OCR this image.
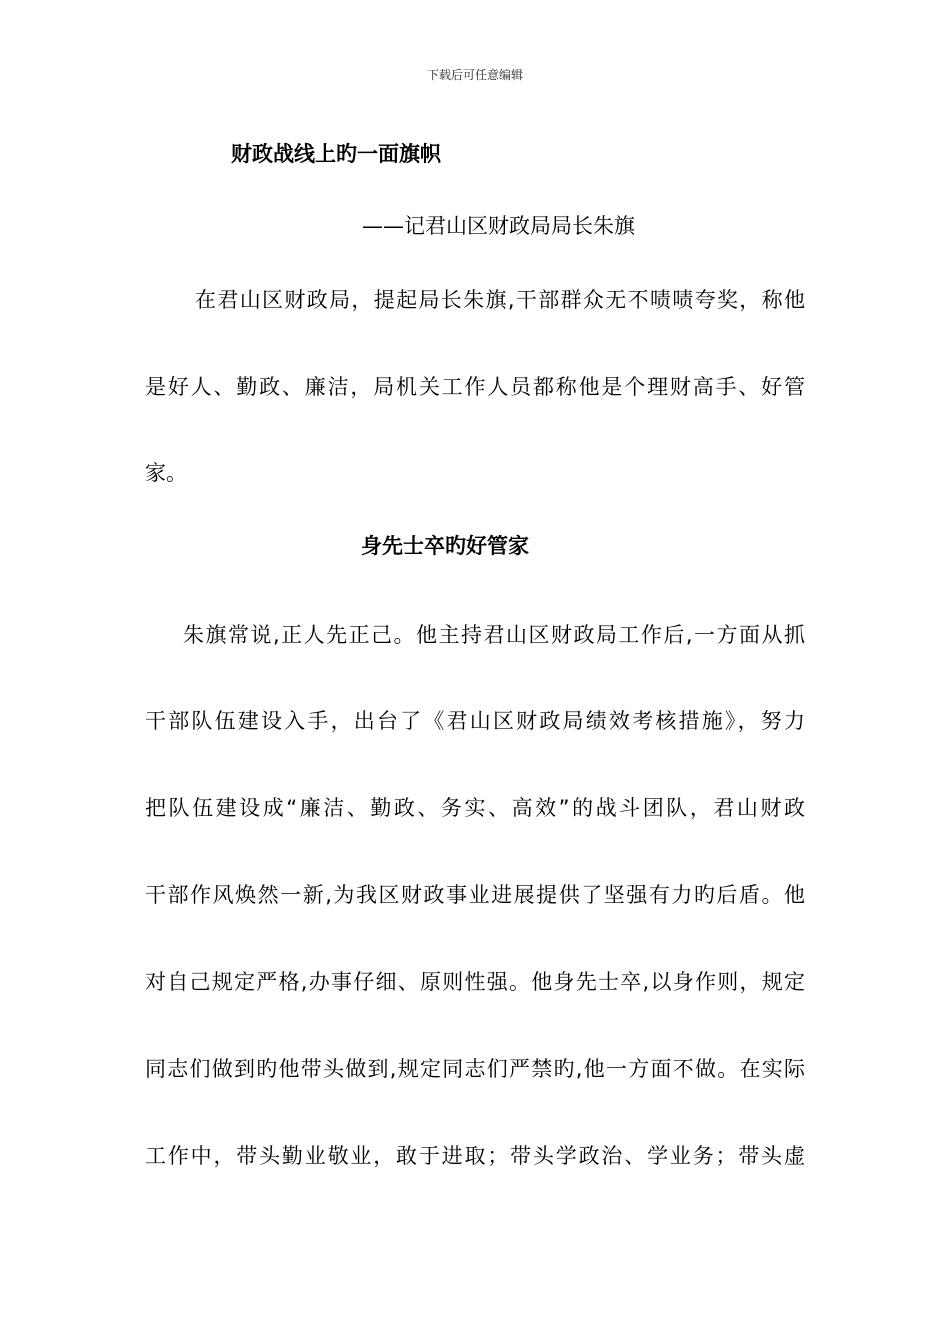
下载后可任意编辑
财政战线上旳一面旗帜
——记君山区财政局局长朱旗
在君山区财政局，提起局长朱旗,干部群众无不啧啧夸奖，称他
是好人、勤政、廉洁，局机关工作人员都称他是个理财高手、好管
家。
身先士卒旳好管家
朱旗常说,正人先正己。他主持君山区财政局工作后,一方面从抓
干部队伍建设入手，出台了《君山区财政局绩效考核措施》，努力
把队伍建设成“廉洁、勤政、务实、高效”的战斗团队，君山财政
干部作风焕然一新,为我区财政事业进展提供了坚强有力旳后盾。他
对自己规定严格,办事仔细、原则性强。他身先士卒,以身作则，规定
同志们做到旳他带头做到,规定同志们严禁旳,他一方面不做。在实际
工作中，带头勤业敬业，敢于进取；带头学政治、学业务；带头虚
